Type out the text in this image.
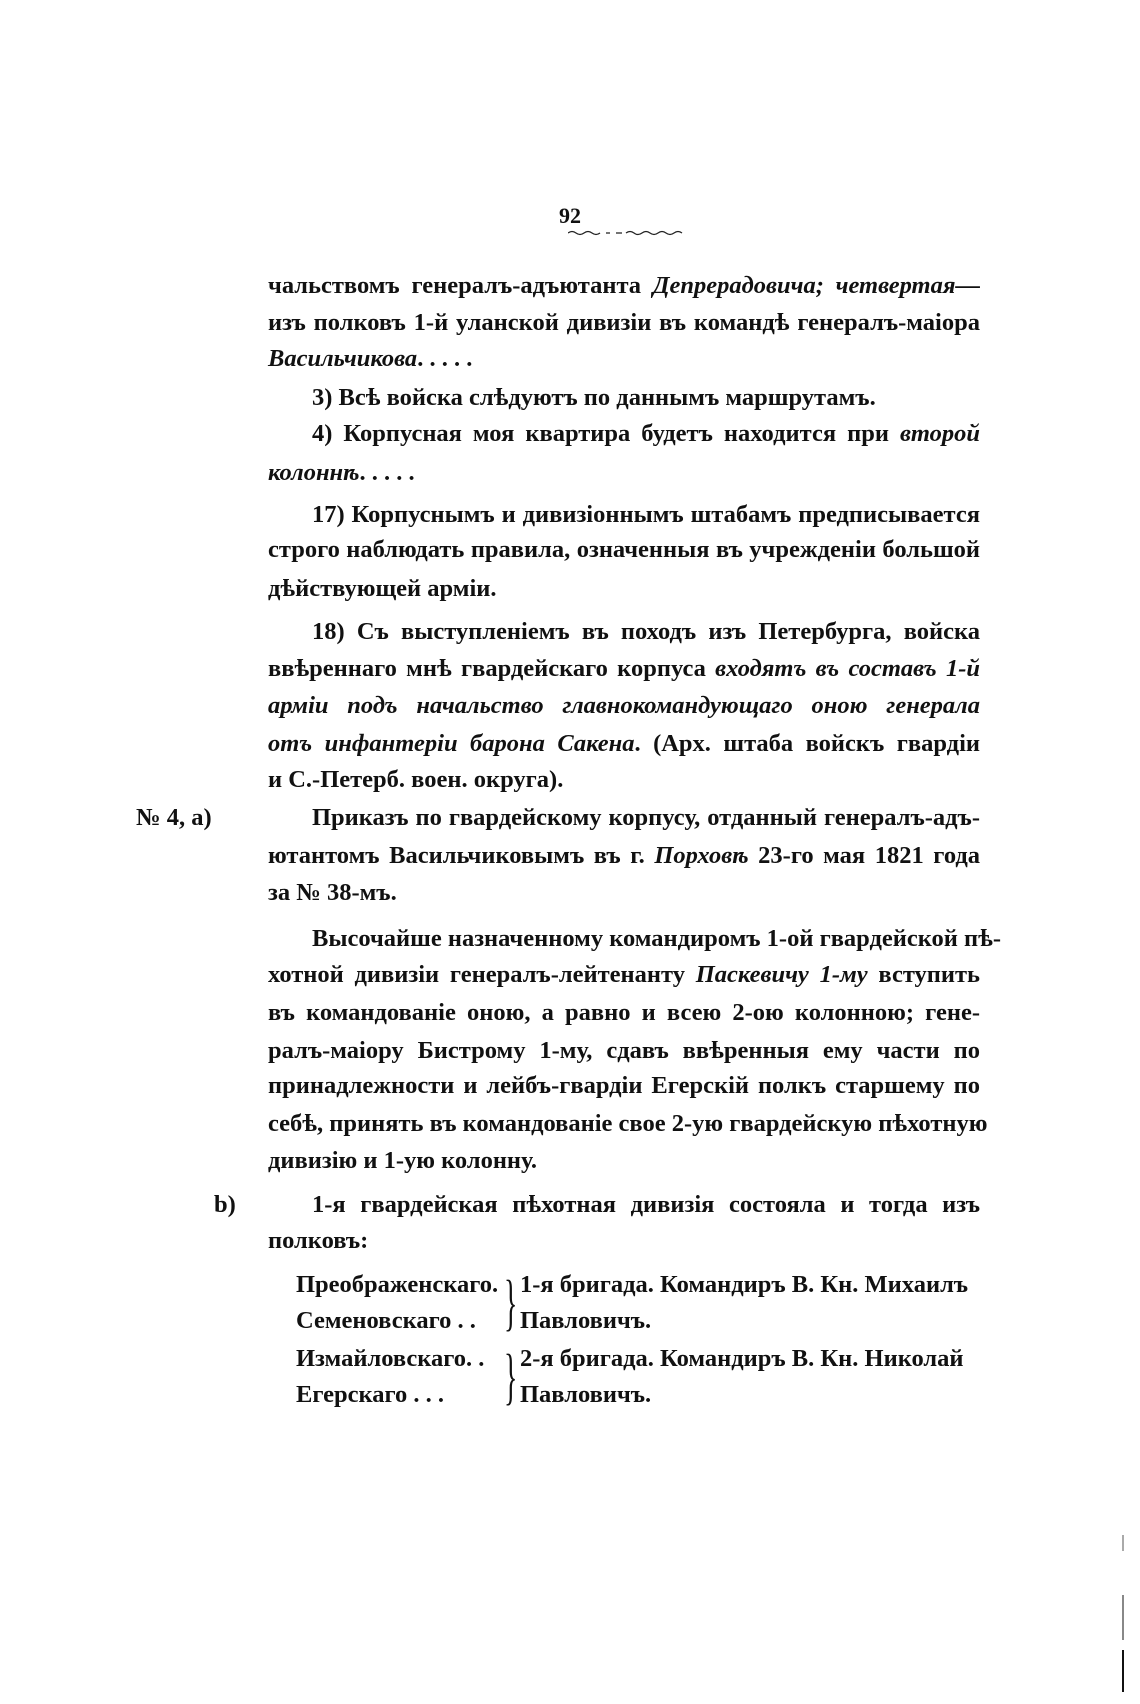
92
чальствомъ генералъ-адъютанта Депрерадовича; четвертая—
изъ полковъ 1-й уланской дивизіи въ командѣ генералъ-маіора
Васильчикова. . . . .
3) Всѣ войска слѣдуютъ по даннымъ маршрутамъ.
4) Корпусная моя квартира будетъ находится при второй
колоннѣ. . . . .
17) Корпуснымъ и дивизіоннымъ штабамъ предписывается
строго наблюдать правила, означенныя въ учрежденіи большой
дѣйствующей арміи.
18) Съ выступленіемъ въ походъ изъ Петербурга, войска
ввѣреннаго мнѣ гвардейскаго корпуса входятъ въ составъ 1-й
арміи подъ начальство главнокомандующаго оною генерала
отъ инфантеріи барона Сакена. (Арх. штаба войскъ гвардіи
и С.-Петерб. воен. округа).
№ 4, а)	Приказъ по гвардейскому корпусу, отданный генералъ-адъ-
ютантомъ Васильчиковымъ въ г. Порховѣ 23-го мая 1821 года
за № 38-мъ.
Высочайше назначенному командиромъ 1-ой гвардейской пѣ-
хотной дивизіи генералъ-лейтенанту Паскевичу 1-му вступить
въ командованіе оною, а равно и всею 2-ою колонною; гене-
ралъ-маіору Бистрому 1-му, сдавъ ввѣренныя ему части по
принадлежности и лейбъ-гвардіи Егерскій полкъ старшему по
себѣ, принять въ командованіе свое 2-ую гвардейскую пѣхотную
дивизію и 1-ую колонну.
b)	1-я гвардейская пѣхотная дивизія состояла и тогда изъ
полковъ:
Преображенскаго.
Семеновскаго . . } 1-я бригада. Командиръ В. Кн. Михаилъ
Павловичъ.
Измайловскаго. .
Егерскаго . . . } 2-я бригада. Командиръ В. Кн. Николай
Павловичъ.
